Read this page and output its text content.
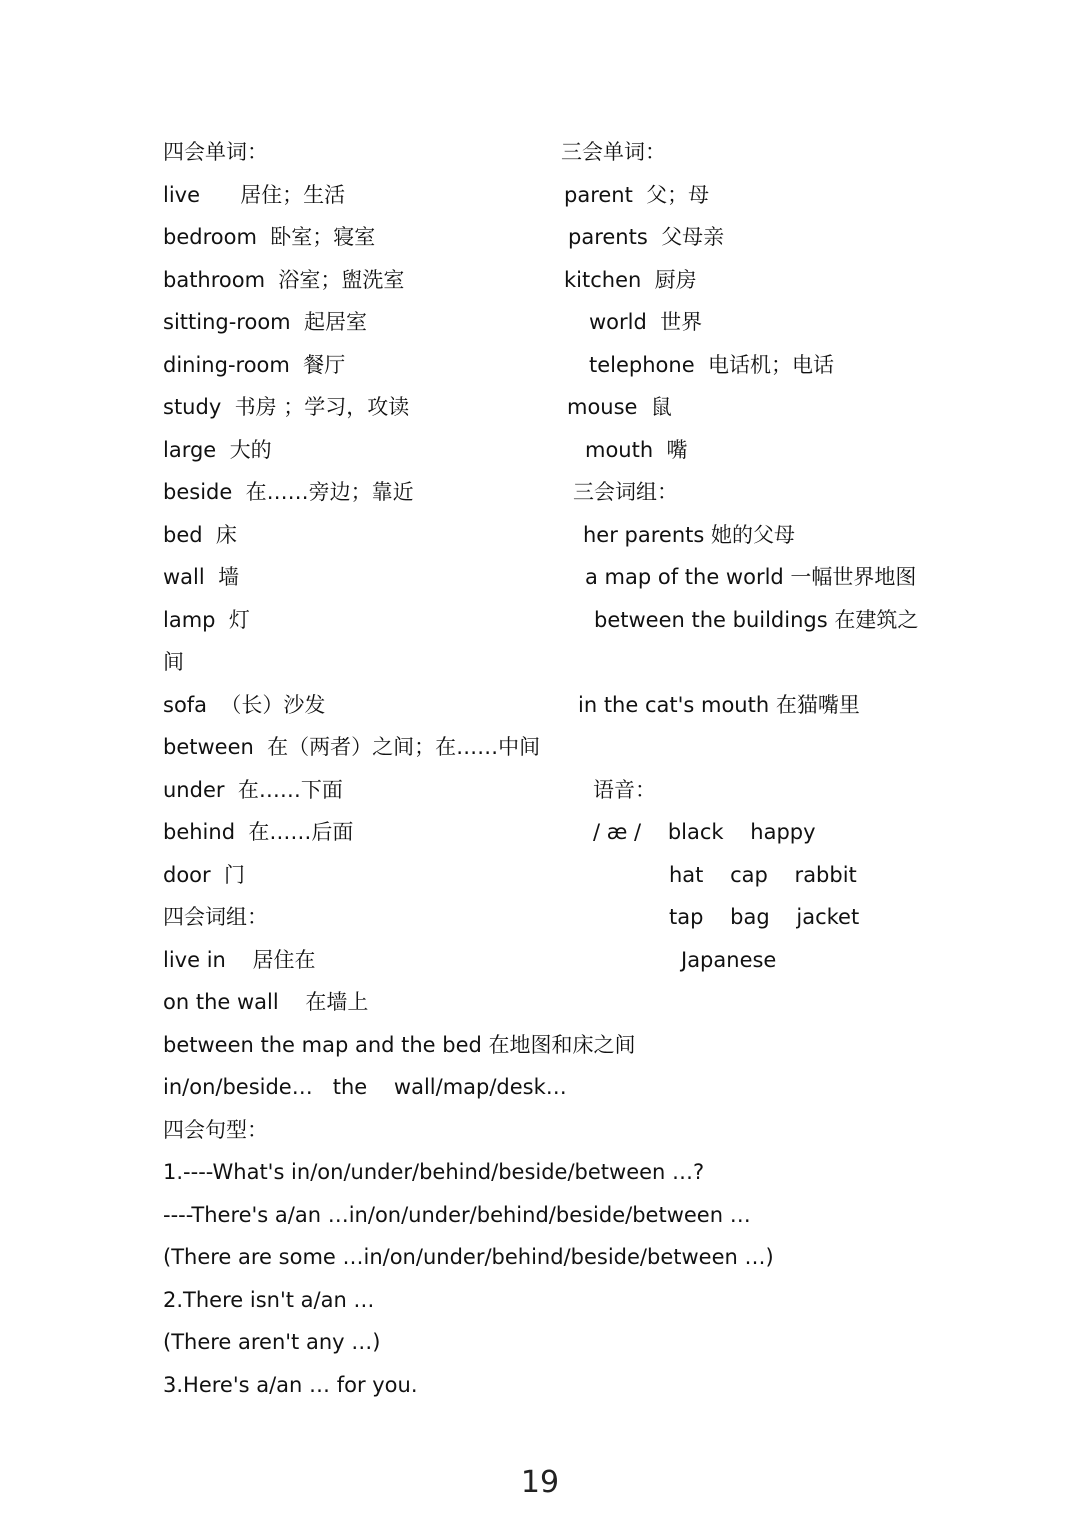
四会单词：
live      居住；生活
bedroom  卧室；寝室
bathroom  浴室；盥洗室
sitting-room  起居室
dining-room  餐厅
study  书房 ；学习，攻读
large  大的
beside  在……旁边；靠近
bed  床
wall  墙
lamp  灯
间
sofa  （长）沙发
between  在（两者）之间；在……中间
under  在……下面
behind  在……后面
door  门
四会词组：
live in    居住在
on the wall    在墙上
between the map and the bed 在地图和床之间
in/on/beside…   the    wall/map/desk…
四会句型：
1.----What's in/on/under/behind/beside/between …?
----There's a/an …in/on/under/behind/beside/between …
(There are some …in/on/under/behind/beside/between …)
2.There isn't a/an …
(There aren't any …)
3.Here's a/an … for you.
三会单词：
parent  父；母
parents  父母亲
kitchen  厨房
world  世界
telephone  电话机；电话
mouse  鼠
mouth  嘴
三会词组：
her parents 她的父母
a map of the world 一幅世界地图
between the buildings 在建筑之
in the cat's mouth 在猫嘴里
语音：
/ æ /    black    happy
hat    cap    rabbit
tap    bag    jacket
Japanese
19
